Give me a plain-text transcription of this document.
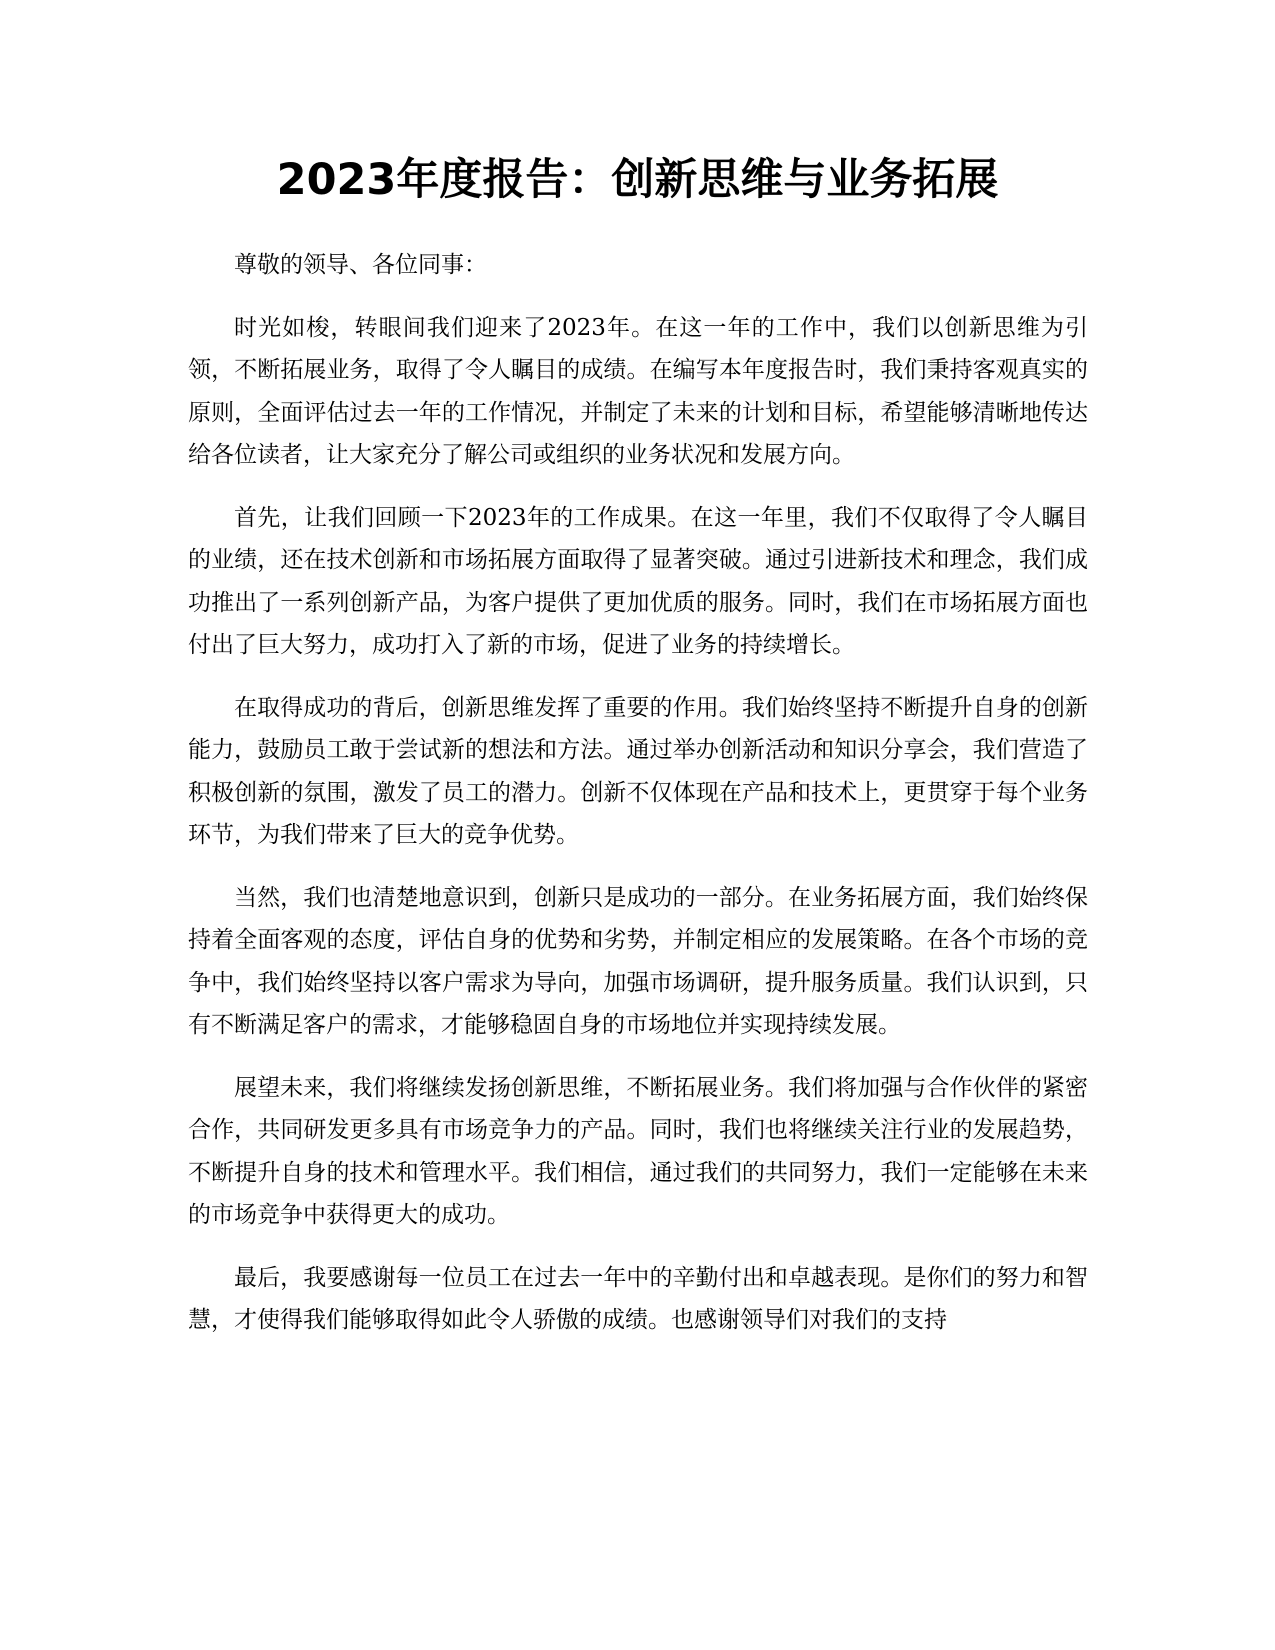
2023年度报告：创新思维与业务拓展

尊敬的领导、各位同事：

时光如梭，转眼间我们迎来了2023年。在这一年的工作中，我们以创新思维为引领，不断拓展业务，取得了令人瞩目的成绩。在编写本年度报告时，我们秉持客观真实的原则，全面评估过去一年的工作情况，并制定了未来的计划和目标，希望能够清晰地传达给各位读者，让大家充分了解公司或组织的业务状况和发展方向。

首先，让我们回顾一下2023年的工作成果。在这一年里，我们不仅取得了令人瞩目的业绩，还在技术创新和市场拓展方面取得了显著突破。通过引进新技术和理念，我们成功推出了一系列创新产品，为客户提供了更加优质的服务。同时，我们在市场拓展方面也付出了巨大努力，成功打入了新的市场，促进了业务的持续增长。

在取得成功的背后，创新思维发挥了重要的作用。我们始终坚持不断提升自身的创新能力，鼓励员工敢于尝试新的想法和方法。通过举办创新活动和知识分享会，我们营造了积极创新的氛围，激发了员工的潜力。创新不仅体现在产品和技术上，更贯穿于每个业务环节，为我们带来了巨大的竞争优势。

当然，我们也清楚地意识到，创新只是成功的一部分。在业务拓展方面，我们始终保持着全面客观的态度，评估自身的优势和劣势，并制定相应的发展策略。在各个市场的竞争中，我们始终坚持以客户需求为导向，加强市场调研，提升服务质量。我们认识到，只有不断满足客户的需求，才能够稳固自身的市场地位并实现持续发展。

展望未来，我们将继续发扬创新思维，不断拓展业务。我们将加强与合作伙伴的紧密合作，共同研发更多具有市场竞争力的产品。同时，我们也将继续关注行业的发展趋势，不断提升自身的技术和管理水平。我们相信，通过我们的共同努力，我们一定能够在未来的市场竞争中获得更大的成功。

最后，我要感谢每一位员工在过去一年中的辛勤付出和卓越表现。是你们的努力和智慧，才使得我们能够取得如此令人骄傲的成绩。也感谢领导们对我们的支持
